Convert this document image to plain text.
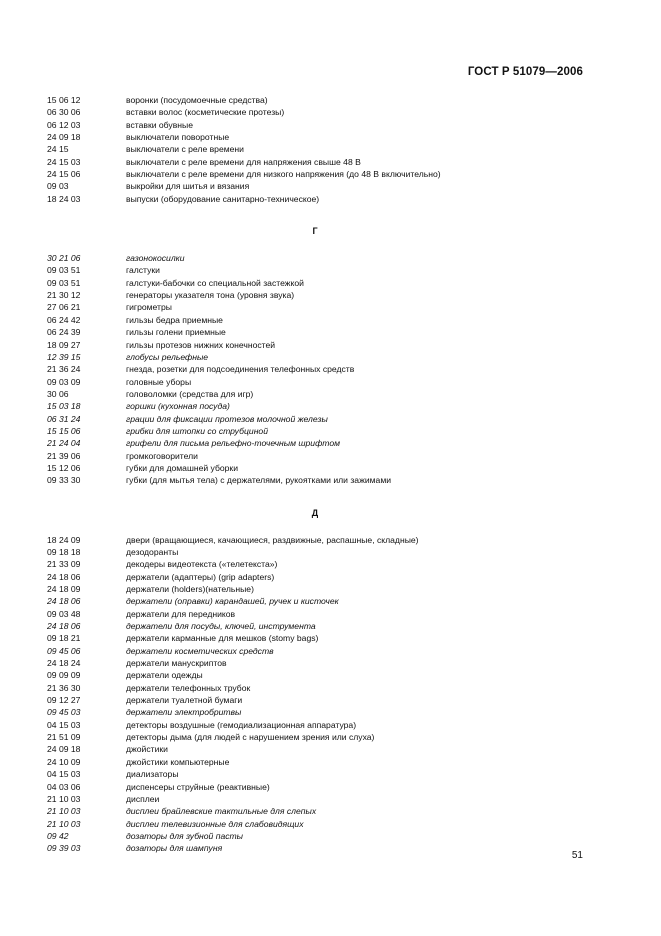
ГОСТ Р 51079—2006
15 06 12	воронки (посудомоечные средства)
06 30 06	вставки волос (косметические протезы)
06 12 03	вставки обувные
24 09 18	выключатели поворотные
24 15	выключатели с реле времени
24 15 03	выключатели с реле времени для напряжения свыше 48 В
24 15 06	выключатели с реле времени для низкого напряжения (до 48 В включительно)
09 03	выкройки для шитья и вязания
18 24 03	выпуски (оборудование санитарно-техническое)
Г
30 21 06	газонокосилки
09 03 51	галстуки
09 03 51	галстуки-бабочки со специальной застежкой
21 30 12	генераторы указателя тона (уровня звука)
27 06 21	гигрометры
06 24 42	гильзы бедра приемные
06 24 39	гильзы голени приемные
18 09 27	гильзы протезов нижних конечностей
12 39 15	глобусы рельефные
21 36 24	гнезда, розетки для подсоединения телефонных средств
09 03 09	головные уборы
30 06	головоломки (средства для игр)
15 03 18	горшки (кухонная посуда)
06 31 24	грации для фиксации протезов молочной железы
15 15 06	грибки для штопки со струбциной
21 24 04	грифели для письма рельефно-точечным шрифтом
21 39 06	громкоговорители
15 12 06	губки для домашней уборки
09 33 30	губки (для мытья тела) с держателями, рукоятками или зажимами
Д
18 24 09	двери (вращающиеся, качающиеся, раздвижные, распашные, складные)
09 18 18	дезодоранты
21 33 09	декодеры видеотекста («телетекста»)
24 18 06	держатели (адаптеры) (grip adapters)
24 18 09	держатели (holders)(нательные)
24 18 06	держатели (оправки) карандашей, ручек и кисточек
09 03 48	держатели для передников
24 18 06	держатели для посуды, ключей, инструмента
09 18 21	держатели карманные для мешков (stomy bags)
09 45 06	держатели косметических средств
24 18 24	держатели манускриптов
09 09 09	держатели одежды
21 36 30	держатели телефонных трубок
09 12 27	держатели туалетной бумаги
09 45 03	держатели электробритвы
04 15 03	детекторы воздушные (гемодиализационная аппаратура)
21 51 09	детекторы дыма (для людей с нарушением зрения или слуха)
24 09 18	джойстики
24 10 09	джойстики компьютерные
04 15 03	диализаторы
04 03 06	диспенсеры струйные (реактивные)
21 10 03	дисплеи
21 10 03	дисплеи брайлевские тактильные для слепых
21 10 03	дисплеи телевизионные для слабовидящих
09 42	дозаторы для зубной пасты
09 39 03	дозаторы для шампуня
51
